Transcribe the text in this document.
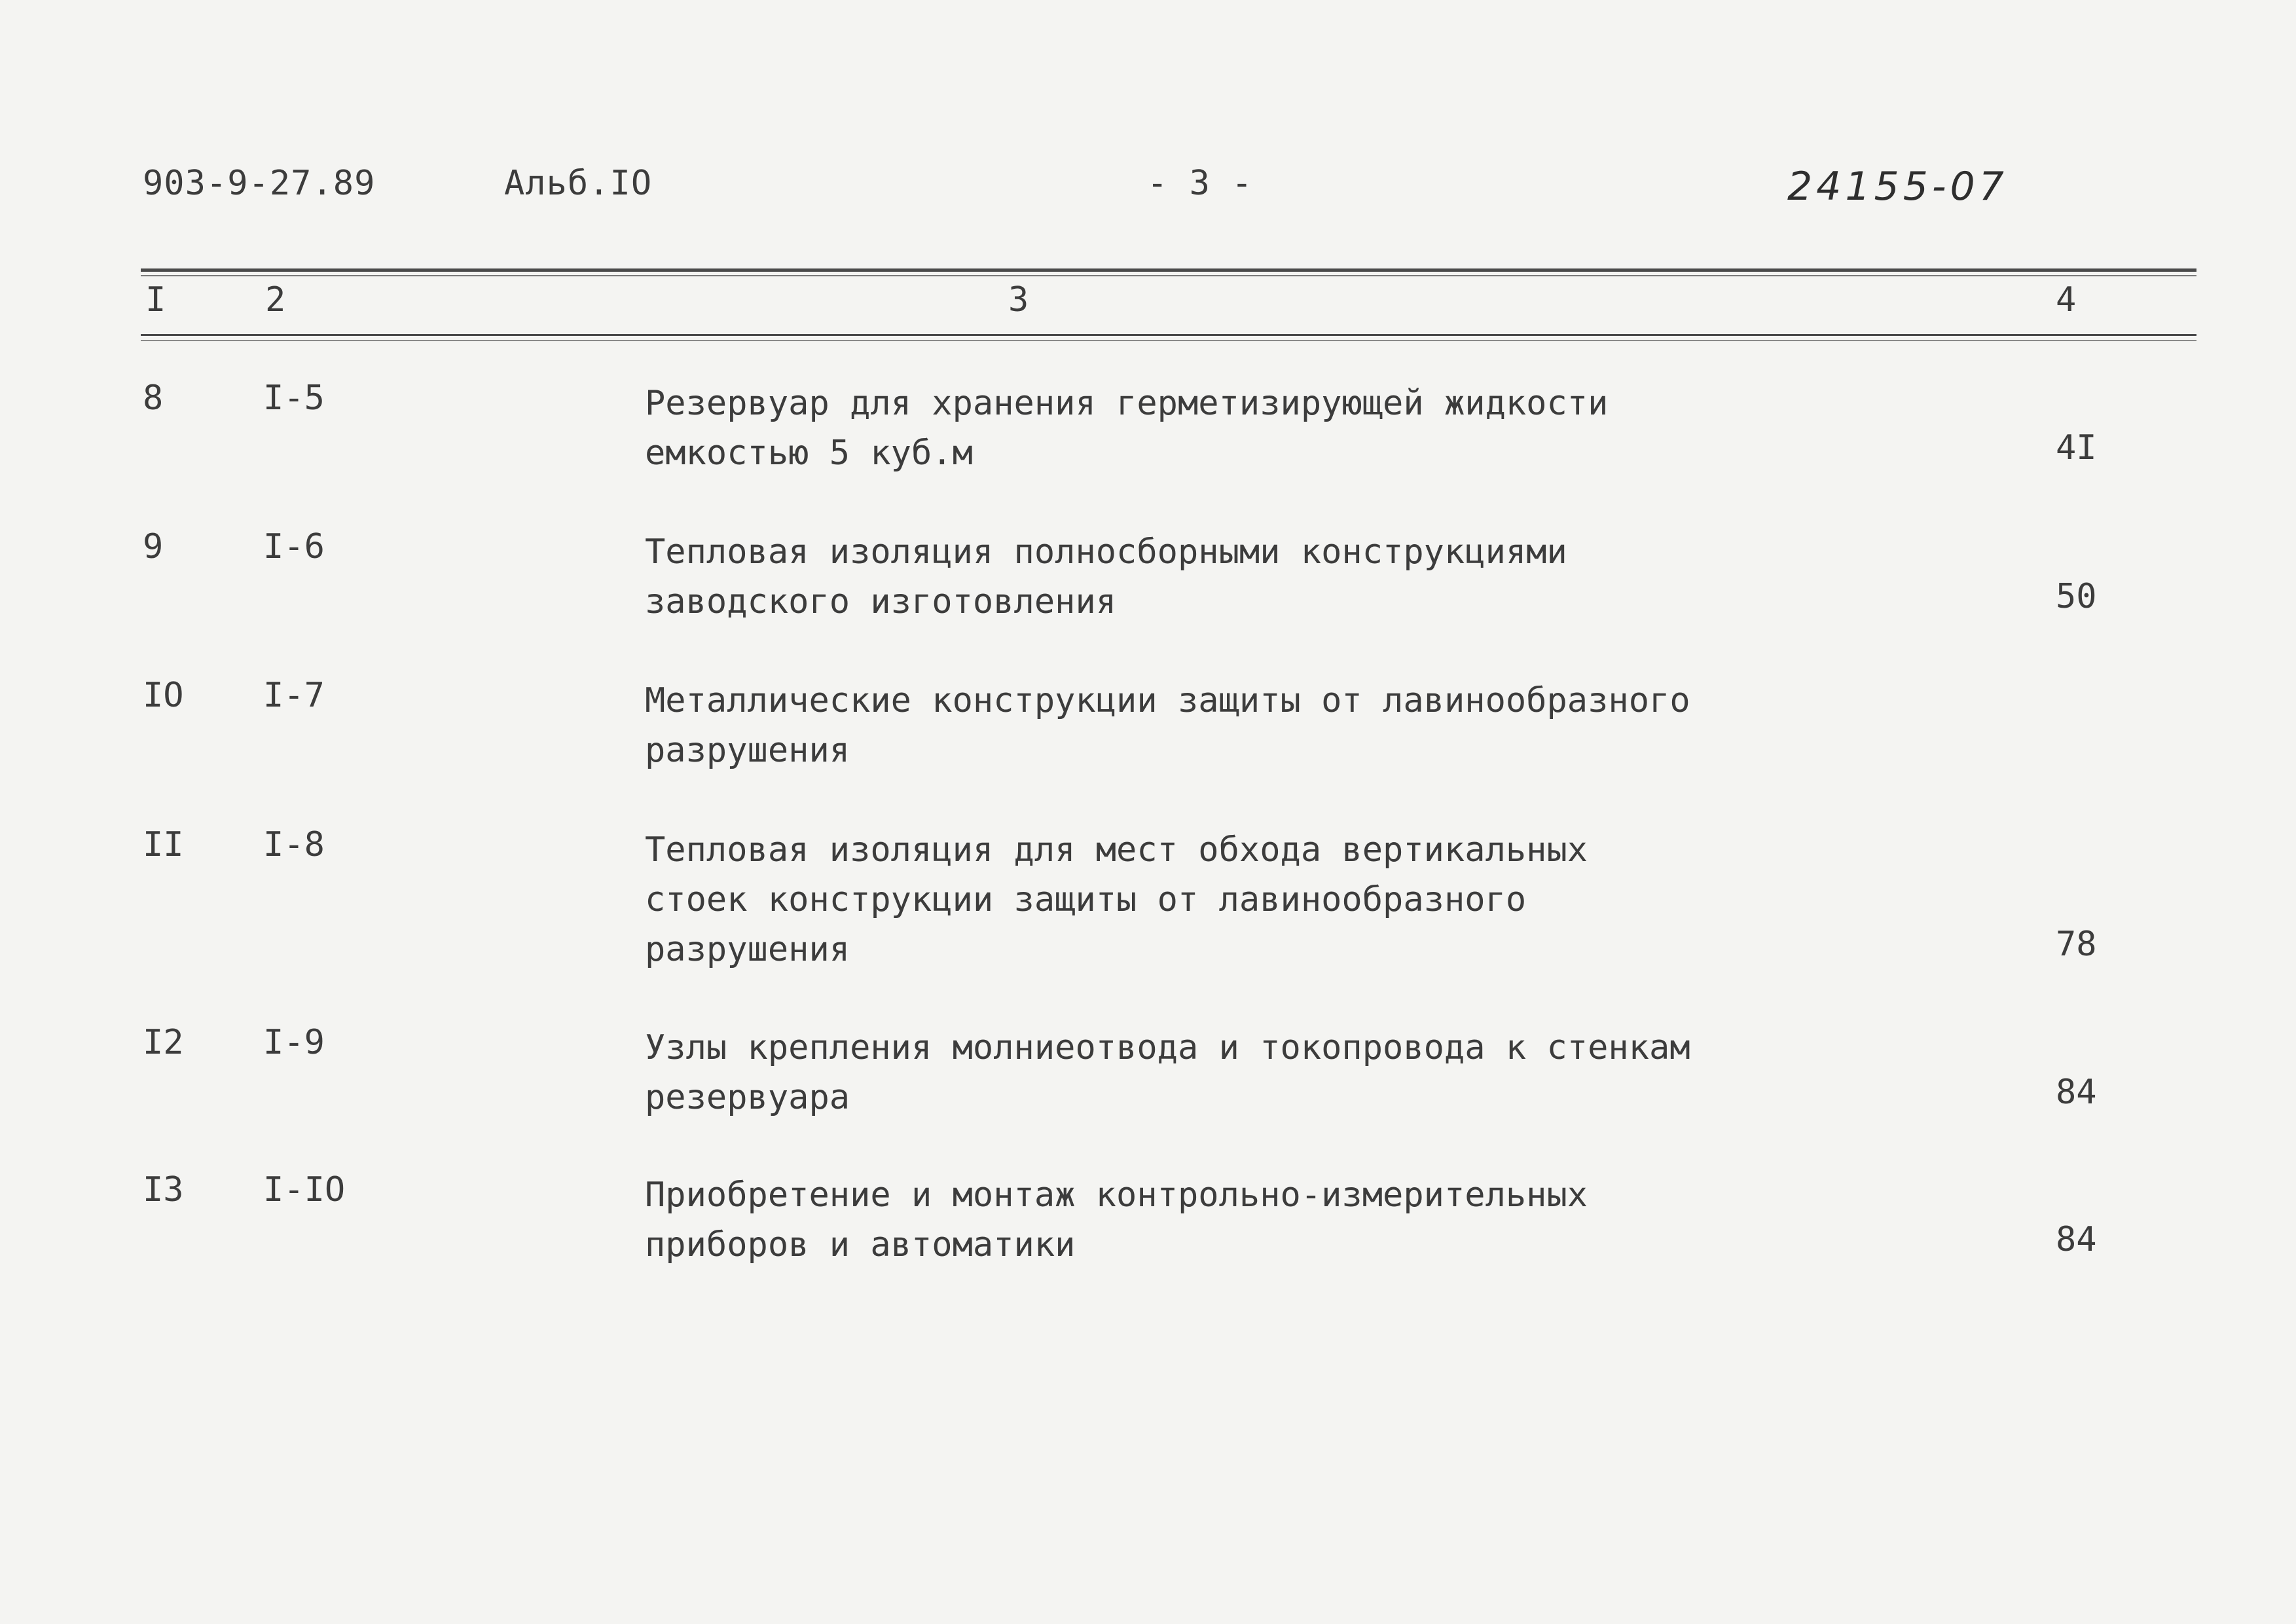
903-9-27.89	Альб.IO	- 3 -	24155-07
I	2	3	4
8	I-5	Резервуар для хранения герметизирующей жидкости
емкостью 5 куб.м	4I
9	I-6	Тепловая изоляция полносборными конструкциями
заводского изготовления	50
IO I-7	Металлические конструкции защиты от лавинообразного
разрушения
II I-8	Тепловая изоляция для мест обхода вертикальных
стоек конструкции защиты от лавинообразного
разрушения	78
I2 I-9	Узлы крепления молниеотвода и токопровода к стенкам
резервуара	84
I3 I-IO	Приобретение и монтаж контрольно-измерительных
приборов и автоматики	84
